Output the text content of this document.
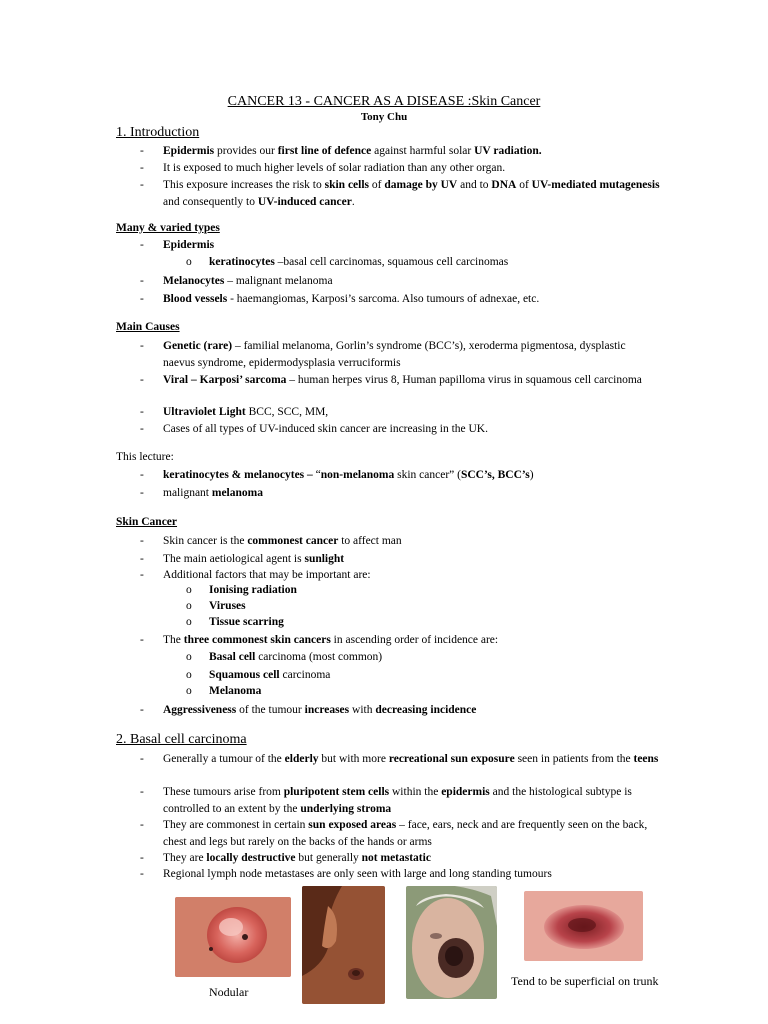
CANCER 13 - CANCER AS A DISEASE :Skin Cancer
Tony Chu
1. Introduction
-	Epidermis provides our first line of defence against harmful solar UV radiation.
-	It is exposed to much higher levels of solar radiation than any other organ.
-	This exposure increases the risk to skin cells of damage by UV and to DNA of UV-mediated mutagenesis and consequently to UV-induced cancer.
Many & varied types
-	Epidermis
o	keratinocytes –basal cell carcinomas, squamous cell carcinomas
-	Melanocytes – malignant melanoma
-	Blood vessels - haemangiomas, Karposi’s sarcoma. Also tumours of adnexae, etc.
Main Causes
-	Genetic (rare) – familial melanoma, Gorlin’s syndrome (BCC’s), xeroderma pigmentosa, dysplastic naevus syndrome, epidermodysplasia verruciformis
-	Viral – Karposi’ sarcoma – human herpes virus 8, Human papilloma virus in squamous cell carcinoma
-	Ultraviolet Light BCC, SCC, MM,
-	Cases of all types of UV-induced skin cancer are increasing in the UK.
This lecture:
-	keratinocytes & melanocytes – “non-melanoma skin cancer” (SCC’s, BCC’s)
-	malignant melanoma
Skin Cancer
-	Skin cancer is the commonest cancer to affect man
-	The main aetiological agent is sunlight
-	Additional factors that may be important are:
o	Ionising radiation
o	Viruses
o	Tissue scarring
-	The three commonest skin cancers in ascending order of incidence are:
o	Basal cell carcinoma (most common)
o	Squamous cell carcinoma
o	Melanoma
-	Aggressiveness of the tumour increases with decreasing incidence
2. Basal cell carcinoma
-	Generally a tumour of the elderly but with more recreational sun exposure seen in patients from the teens
-	These tumours arise from pluripotent stem cells within the epidermis and the histological subtype is controlled to an extent by the underlying stroma
-	They are commonest in certain sun exposed areas – face, ears, neck and are frequently seen on the back, chest and legs but rarely on the backs of the hands or arms
-	They are locally destructive but generally not metastatic
-	Regional lymph node metastases are only seen with large and long standing tumours
Nodular
Tend to be superficial on trunk
